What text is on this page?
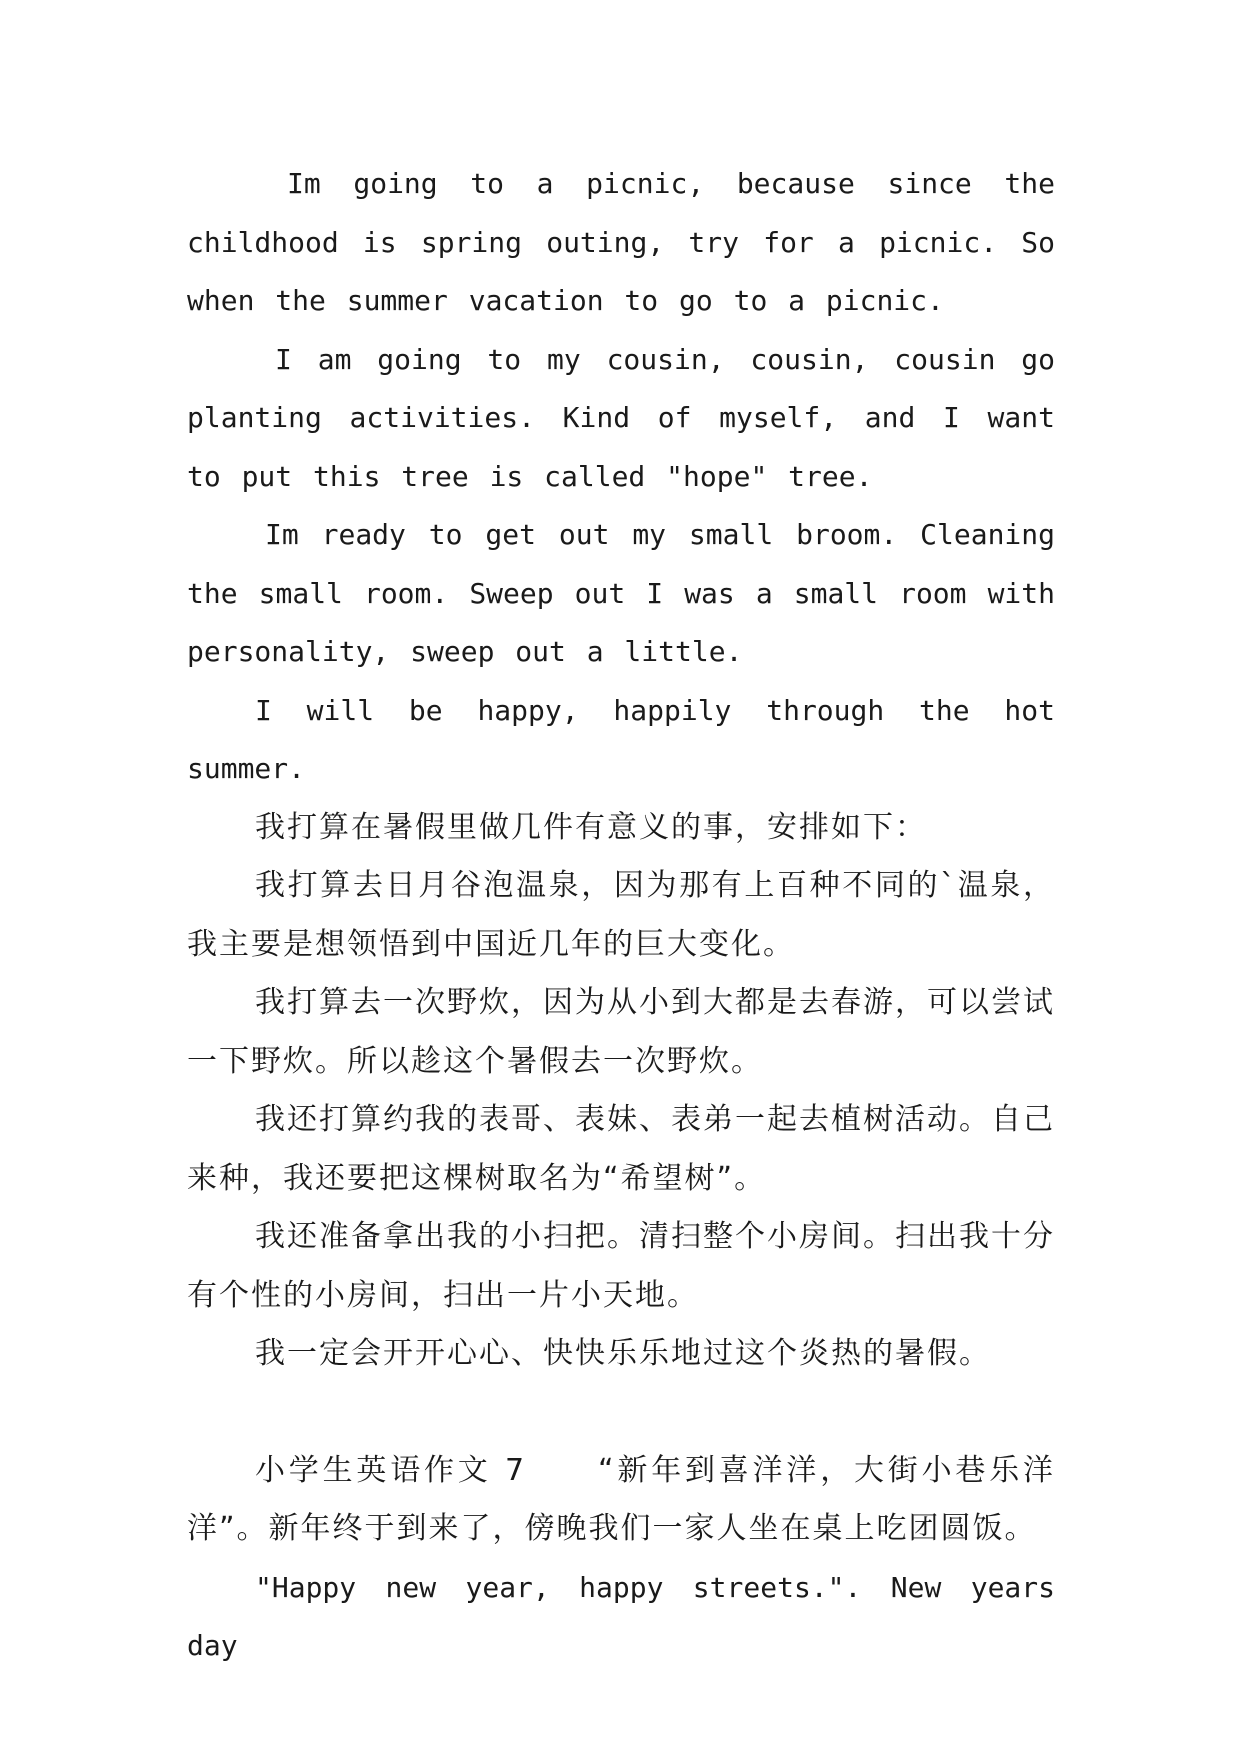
Im going to a picnic, because since the childhood is spring outing, try for a picnic. So when the summer vacation to go to a picnic.

I am going to my cousin, cousin, cousin go planting activities. Kind of myself, and I want to put this tree is called "hope" tree.

Im ready to get out my small broom. Cleaning the small room. Sweep out I was a small room with personality, sweep out a little.

I will be happy, happily through the hot summer.

我打算在暑假里做几件有意义的事，安排如下：

我打算去日月谷泡温泉，因为那有上百种不同的`温泉，我主要是想领悟到中国近几年的巨大变化。

我打算去一次野炊，因为从小到大都是去春游，可以尝试一下野炊。所以趁这个暑假去一次野炊。

我还打算约我的表哥、表妹、表弟一起去植树活动。自己来种，我还要把这棵树取名为“希望树”。

我还准备拿出我的小扫把。清扫整个小房间。扫出我十分有个性的小房间，扫出一片小天地。

我一定会开开心心、快快乐乐地过这个炎热的暑假。

小学生英语作文 7 “新年到喜洋洋，大街小巷乐洋洋”。新年终于到来了，傍晚我们一家人坐在桌上吃团圆饭。

"Happy new year, happy streets.". New years day
